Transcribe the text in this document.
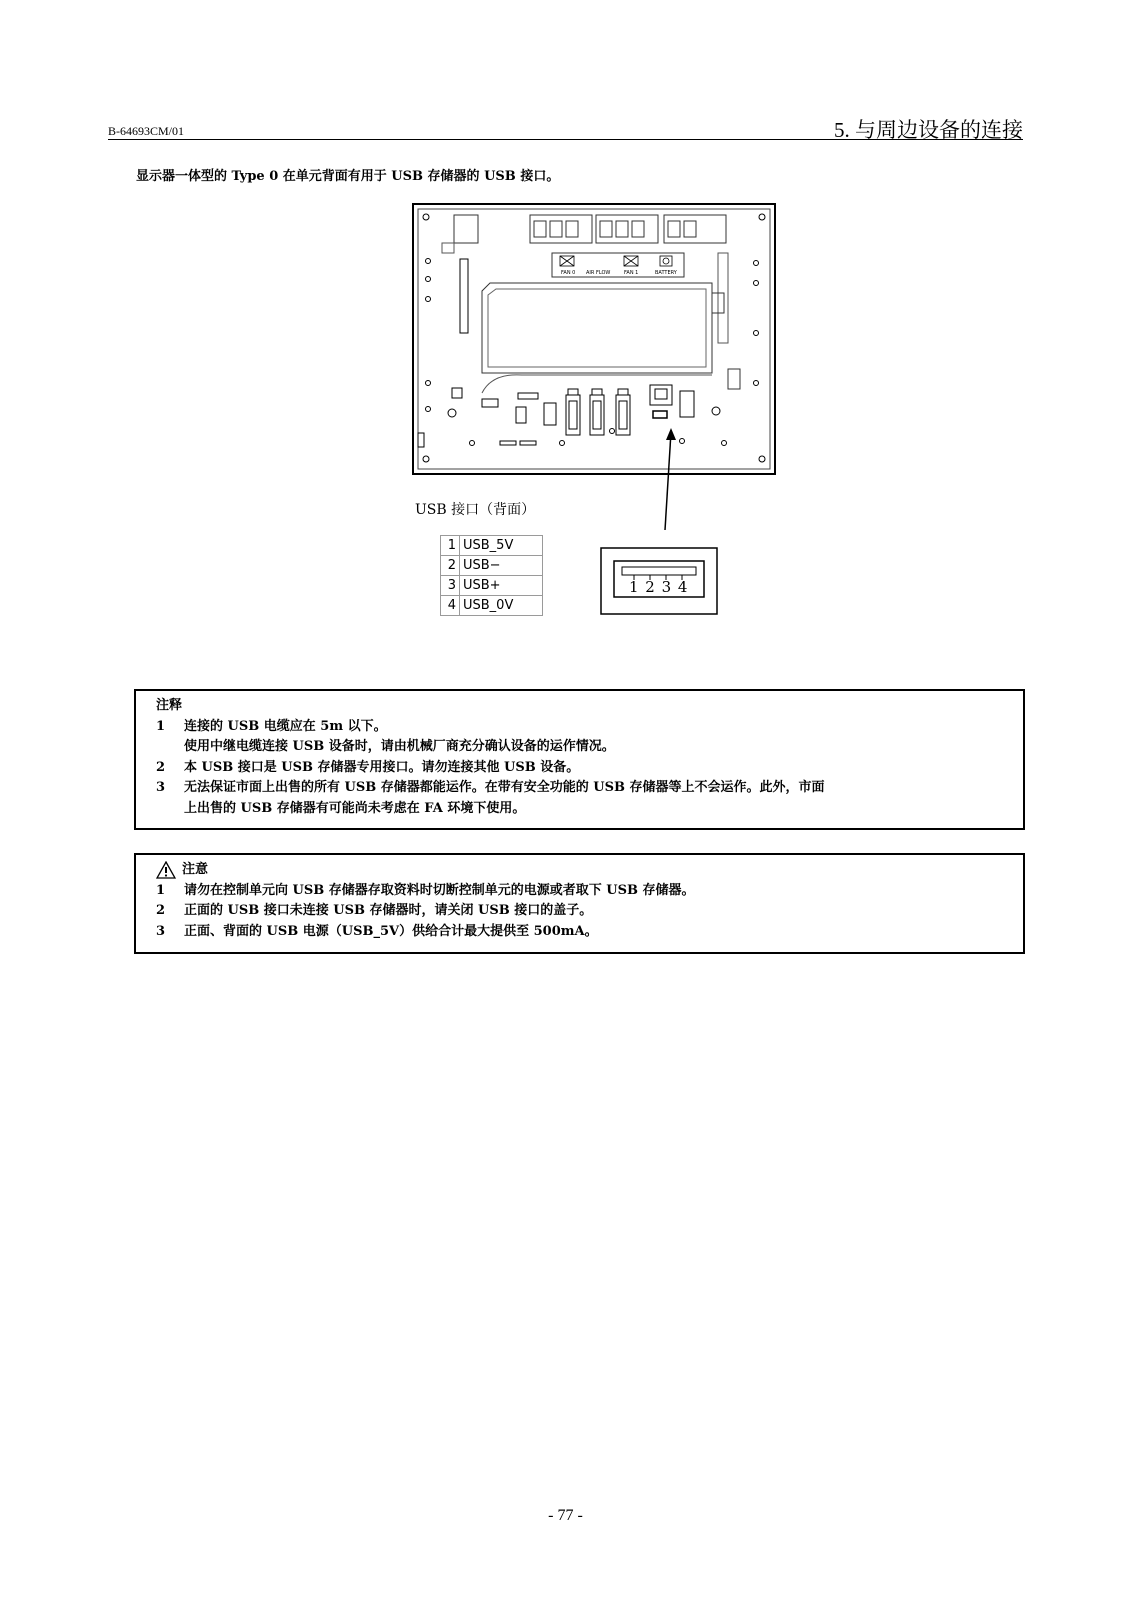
B-64693CM/01	5. 与周边设备的连接
显示器一体型的 Type 0 在单元背面有用于 USB 存储器的 USB 接口。
FAN 0 AIR FLOW	FAN 1	BATTERY
USB 接口（背面）
1	USB_5V
2	USB−
3	USB+
4	USB_0V
1 2 3 4
注释
1	连接的 USB 电缆应在 5m 以下。
使用中继电缆连接 USB 设备时，请由机械厂商充分确认设备的运作情况。
2	本 USB 接口是 USB 存储器专用接口。请勿连接其他 USB 设备。
3	无法保证市面上出售的所有 USB 存储器都能运作。在带有安全功能的 USB 存储器等上不会运作。此外，市面
上出售的 USB 存储器有可能尚未考虑在 FA 环境下使用。
注意
1	请勿在控制单元向 USB 存储器存取资料时切断控制单元的电源或者取下 USB 存储器。
2	正面的 USB 接口未连接 USB 存储器时，请关闭 USB 接口的盖子。
3	正面、背面的 USB 电源（USB_5V）供给合计最大提供至 500mA。
- 77 -
